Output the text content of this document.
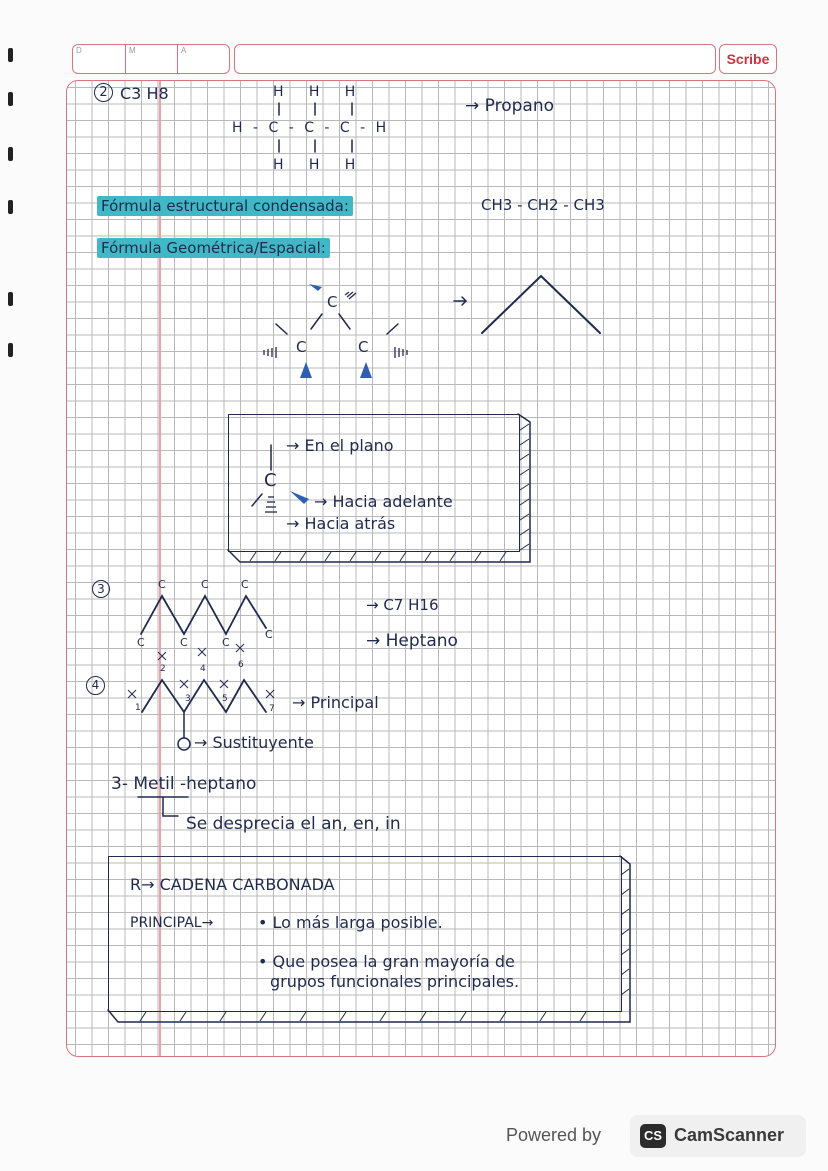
D	M	A
Scribe
2 C3 H8	H   H   H
H - C - C - C - H
H   H   H
→ Propano
Fórmula estructural condensada:	CH3 - CH2 - CH3
Fórmula Geométrica/Espacial:
C
C	C
C
→ En el plano
→ Hacia adelante
→ Hacia atrás
3	C	C	C
C	C	C
C
→ C7 H16
→ Heptano
4
1
2
3
4
5
6
7 → Principal
→ Sustituyente
3- Metil -heptano
Se desprecia el an, en, in
R→ CADENA CARBONADA
PRINCIPAL→	• Lo más larga posible.
• Que posea la gran mayoría de
grupos funcionales principales.
Powered by	CS CamScanner
